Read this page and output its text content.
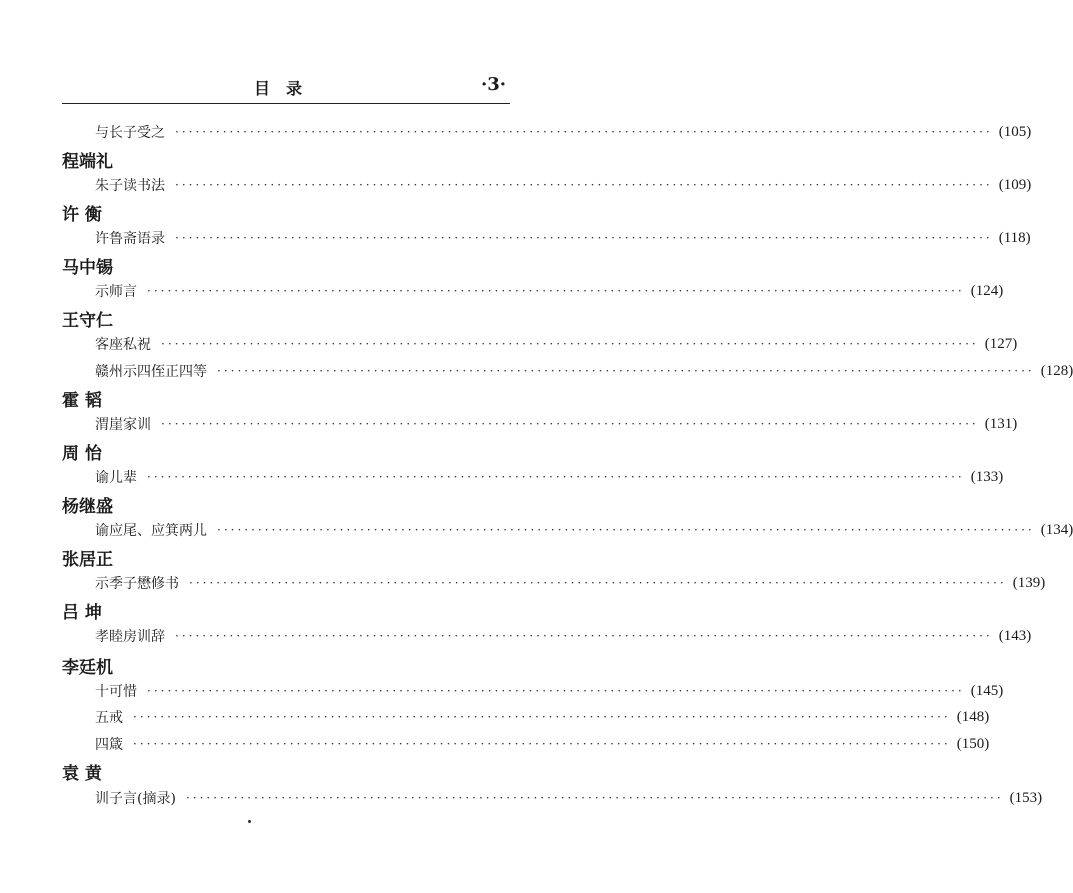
目录	·3·
与长子受之 ························································································································ (105)
程端礼
朱子读书法 ························································································································ (109)
许 衡
许鲁斋语录 ························································································································ (118)
马中锡
示师言 ························································································································ (124)
王守仁
客座私祝 ························································································································ (127)
赣州示四侄正四等 ························································································································ (128)
霍 韬
渭崖家训 ························································································································ (131)
周 怡
谕儿辈 ························································································································ (133)
杨继盛
谕应尾、应箕两儿 ························································································································ (134)
张居正
示季子懋修书 ························································································································ (139)
吕 坤
孝睦房训辞 ························································································································ (143)
李廷机
十可惜 ························································································································ (145)
五戒 ························································································································ (148)
四箴 ························································································································ (150)
袁 黄
训子言(摘录) ························································································································ (153)
